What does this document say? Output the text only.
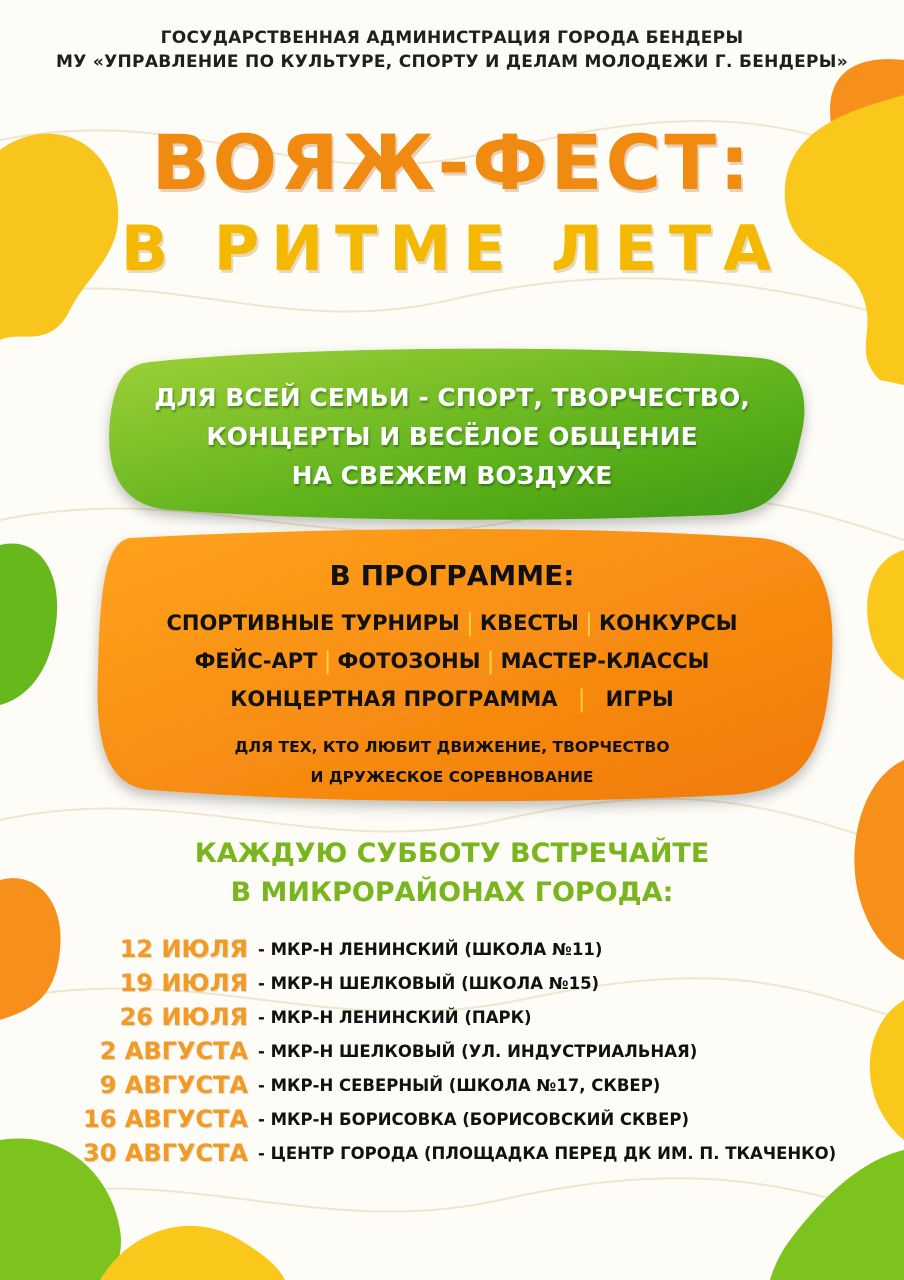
ГОСУДАРСТВЕННАЯ АДМИНИСТРАЦИЯ ГОРОДА БЕНДЕРЫ
МУ «УПРАВЛЕНИЕ ПО КУЛЬТУРЕ, СПОРТУ И ДЕЛАМ МОЛОДЕЖИ Г. БЕНДЕРЫ»
ВОЯЖ-ФЕСТ:
В РИТМЕ ЛЕТА
ДЛЯ ВСЕЙ СЕМЬИ - СПОРТ, ТВОРЧЕСТВО,
КОНЦЕРТЫ И ВЕСЁЛОЕ ОБЩЕНИЕ
НА СВЕЖЕМ ВОЗДУХЕ
В ПРОГРАММЕ:
СПОРТИВНЫЕ ТУРНИРЫ | КВЕСТЫ | КОНКУРСЫ
ФЕЙС-АРТ | ФОТОЗОНЫ | МАСТЕР-КЛАССЫ
КОНЦЕРТНАЯ ПРОГРАММА | ИГРЫ
ДЛЯ ТЕХ, КТО ЛЮБИТ ДВИЖЕНИЕ, ТВОРЧЕСТВО
И ДРУЖЕСКОЕ СОРЕВНОВАНИЕ
КАЖДУЮ СУББОТУ ВСТРЕЧАЙТЕ
В МИКРОРАЙОНАХ ГОРОДА:
12 ИЮЛЯ - МКР-Н ЛЕНИНСКИЙ (ШКОЛА №11)
19 ИЮЛЯ - МКР-Н ШЕЛКОВЫЙ (ШКОЛА №15)
26 ИЮЛЯ - МКР-Н ЛЕНИНСКИЙ (ПАРК)
2 АВГУСТА - МКР-Н ШЕЛКОВЫЙ (УЛ. ИНДУСТРИАЛЬНАЯ)
9 АВГУСТА - МКР-Н СЕВЕРНЫЙ (ШКОЛА №17, СКВЕР)
16 АВГУСТА - МКР-Н БОРИСОВКА (БОРИСОВСКИЙ СКВЕР)
30 АВГУСТА - ЦЕНТР ГОРОДА (ПЛОЩАДКА ПЕРЕД ДК ИМ. П. ТКАЧЕНКО)
